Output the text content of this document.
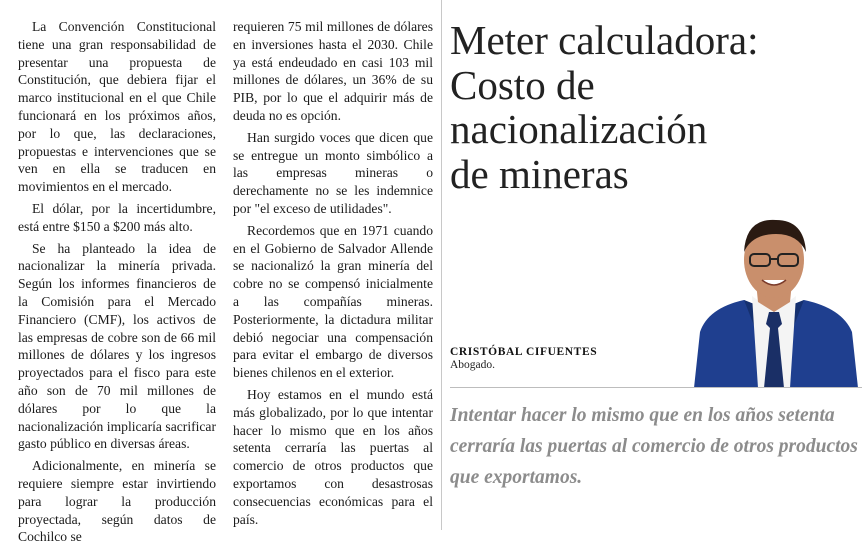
La Convención Constitucional tiene una gran responsabilidad de presentar una propuesta de Constitución, que debiera fijar el marco institucional en el que Chile funcionará en los próximos años, por lo que, las declaraciones, propuestas e intervenciones que se ven en ella se traducen en movimientos en el mercado.

El dólar, por la incertidumbre, está entre $150 a $200 más alto.

Se ha planteado la idea de nacionalizar la minería privada. Según los informes financieros de la Comisión para el Mercado Financiero (CMF), los activos de las empresas de cobre son de 66 mil millones de dólares y los ingresos proyectados para el fisco para este año son de 70 mil millones de dólares por lo que la nacionalización implicaría sacrificar gasto público en diversas áreas.

Adicionalmente, en minería se requiere siempre estar invirtiendo para lograr la producción proyectada, según datos de Cochilco se

requieren 75 mil millones de dólares en inversiones hasta el 2030. Chile ya está endeudado en casi 103 mil millones de dólares, un 36% de su PIB, por lo que el adquirir más de deuda no es opción.

Han surgido voces que dicen que se entregue un monto simbólico a las empresas mineras o derechamente no se les indemnice por "el exceso de utilidades".

Recordemos que en 1971 cuando en el Gobierno de Salvador Allende se nacionalizó la gran minería del cobre no se compensó inicialmente a las compañías mineras. Posteriormente, la dictadura militar debió negociar una compensación para evitar el embargo de diversos bienes chilenos en el exterior.

Hoy estamos en el mundo está más globalizado, por lo que intentar hacer lo mismo que en los años setenta cerraría las puertas al comercio de otros productos que exportamos con desastrosas consecuencias económicas para el país.

Meter calculadora:
Costo de
nacionalización
de mineras
CRISTÓBAL CIFUENTES
Abogado.

Intentar hacer lo mismo que en los años setenta cerraría las puertas al comercio de otros productos que exportamos.
